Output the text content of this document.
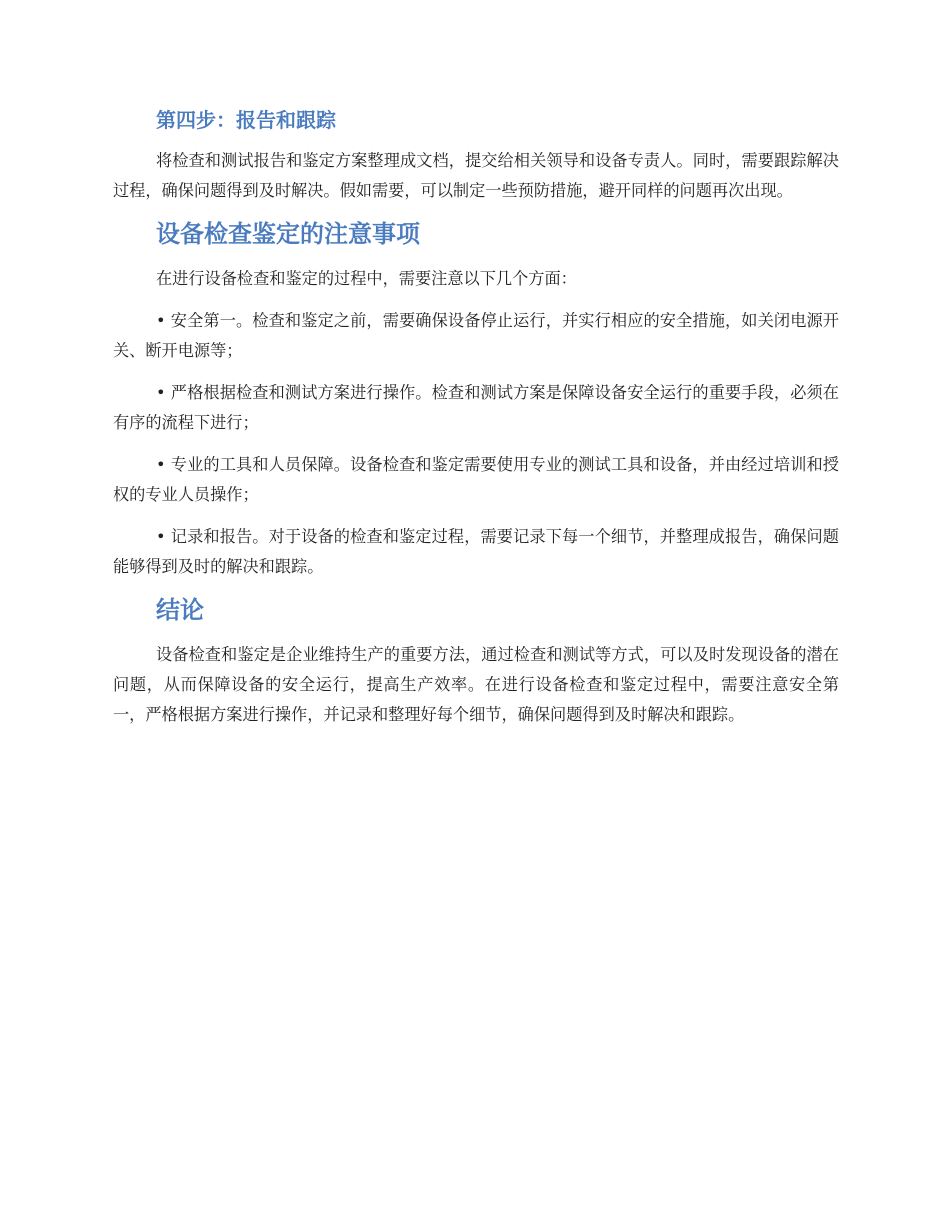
第四步：报告和跟踪

将检查和测试报告和鉴定方案整理成文档，提交给相关领导和设备专责人。同时，需要跟踪解决过程，确保问题得到及时解决。假如需要，可以制定一些预防措施，避开同样的问题再次出现。

设备检查鉴定的注意事项

在进行设备检查和鉴定的过程中，需要注意以下几个方面：

• 安全第一。检查和鉴定之前，需要确保设备停止运行，并实行相应的安全措施，如关闭电源开关、断开电源等；

• 严格根据检查和测试方案进行操作。检查和测试方案是保障设备安全运行的重要手段，必须在有序的流程下进行；

• 专业的工具和人员保障。设备检查和鉴定需要使用专业的测试工具和设备，并由经过培训和授权的专业人员操作；

• 记录和报告。对于设备的检查和鉴定过程，需要记录下每一个细节，并整理成报告，确保问题能够得到及时的解决和跟踪。

结论

设备检查和鉴定是企业维持生产的重要方法，通过检查和测试等方式，可以及时发现设备的潜在问题，从而保障设备的安全运行，提高生产效率。在进行设备检查和鉴定过程中，需要注意安全第一，严格根据方案进行操作，并记录和整理好每个细节，确保问题得到及时解决和跟踪。
